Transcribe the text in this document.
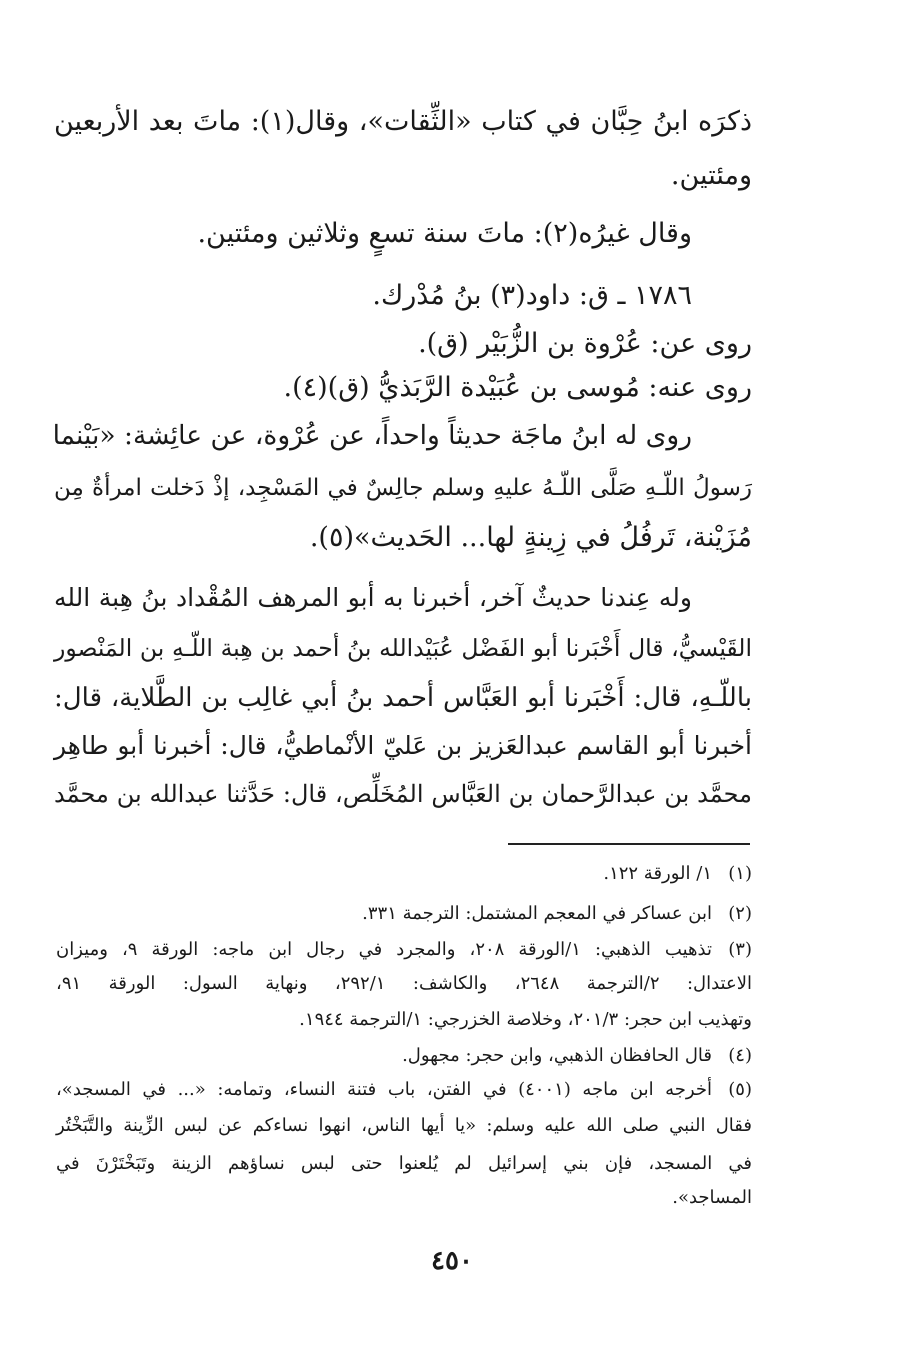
ذكرَه ابنُ حِبَّان في كتاب «الثِّقات»، وقال(١): ماتَ بعد الأربعين
ومئتين.
وقال غيرُه(٢): ماتَ سنة تسعٍ وثلاثين ومئتين.
١٧٨٦ ـ ق: داود(٣) بنُ مُدْرك.
روى عن: عُرْوة بن الزُّبَيْر (ق).
روى عنه: مُوسى بن عُبَيْدة الرَّبَذيُّ (ق)(٤).
روى له ابنُ ماجَة حديثاً واحداً، عن عُرْوة، عن عائِشة: «بَيْنما
رَسولُ اللّـهِ صَلَّى اللّـهُ عليهِ وسلم جالِسٌ في المَسْجِد، إذْ دَخلت امرأةٌ مِن
مُزَيْنة، تَرفُلُ في زِينةٍ لها... الحَديث»(٥).
وله عِندنا حديثٌ آخر، أخبرنا به أبو المرهف المُقْداد بنُ هِبة الله
القَيْسيُّ، قال أَخْبَرنا أبو الفَضْل عُبَيْدالله بنُ أحمد بن هِبة اللّـهِ بن المَنْصور
باللّـهِ، قال: أَخْبَرنا أبو العَبَّاس أحمد بنُ أبي غالِب بن الطَّلاية، قال:
أخبرنا أبو القاسم عبدالعَزيز بن عَليّ الأنْماطيُّ، قال: أخبرنا أبو طاهِر
محمَّد بن عبدالرَّحمان بن العَبَّاس المُخَلِّص، قال: حَدَّثنا عبدالله بن محمَّد
(١)
١/ الورقة ١٢٢.
(٢)
ابن عساكر في المعجم المشتمل: الترجمة ٣٣١.
(٣)
تذهيب الذهبي: ١/الورقة ٢٠٨، والمجرد في رجال ابن ماجه: الورقة ٩، وميزان
الاعتدال: ٢/الترجمة ٢٦٤٨، والكاشف: ٢٩٢/١، ونهاية السول: الورقة ٩١،
وتهذيب ابن حجر: ٢٠١/٣، وخلاصة الخزرجي: ١/الترجمة ١٩٤٤.
(٤)
قال الحافظان الذهبي، وابن حجر: مجهول.
(٥)
أخرجه ابن ماجه (٤٠٠١) في الفتن، باب فتنة النساء، وتمامه: «... في المسجد»،
فقال النبي صلى الله عليه وسلم: «يا أيها الناس، انهوا نساءكم عن لبس الزِّينة والتَّبَخْتُر
في المسجد، فإن بني إسرائيل لم يُلعنوا حتى لبس نساؤهم الزينة وتَبَخْتَرْنَ في
المساجد».
٤٥٠
